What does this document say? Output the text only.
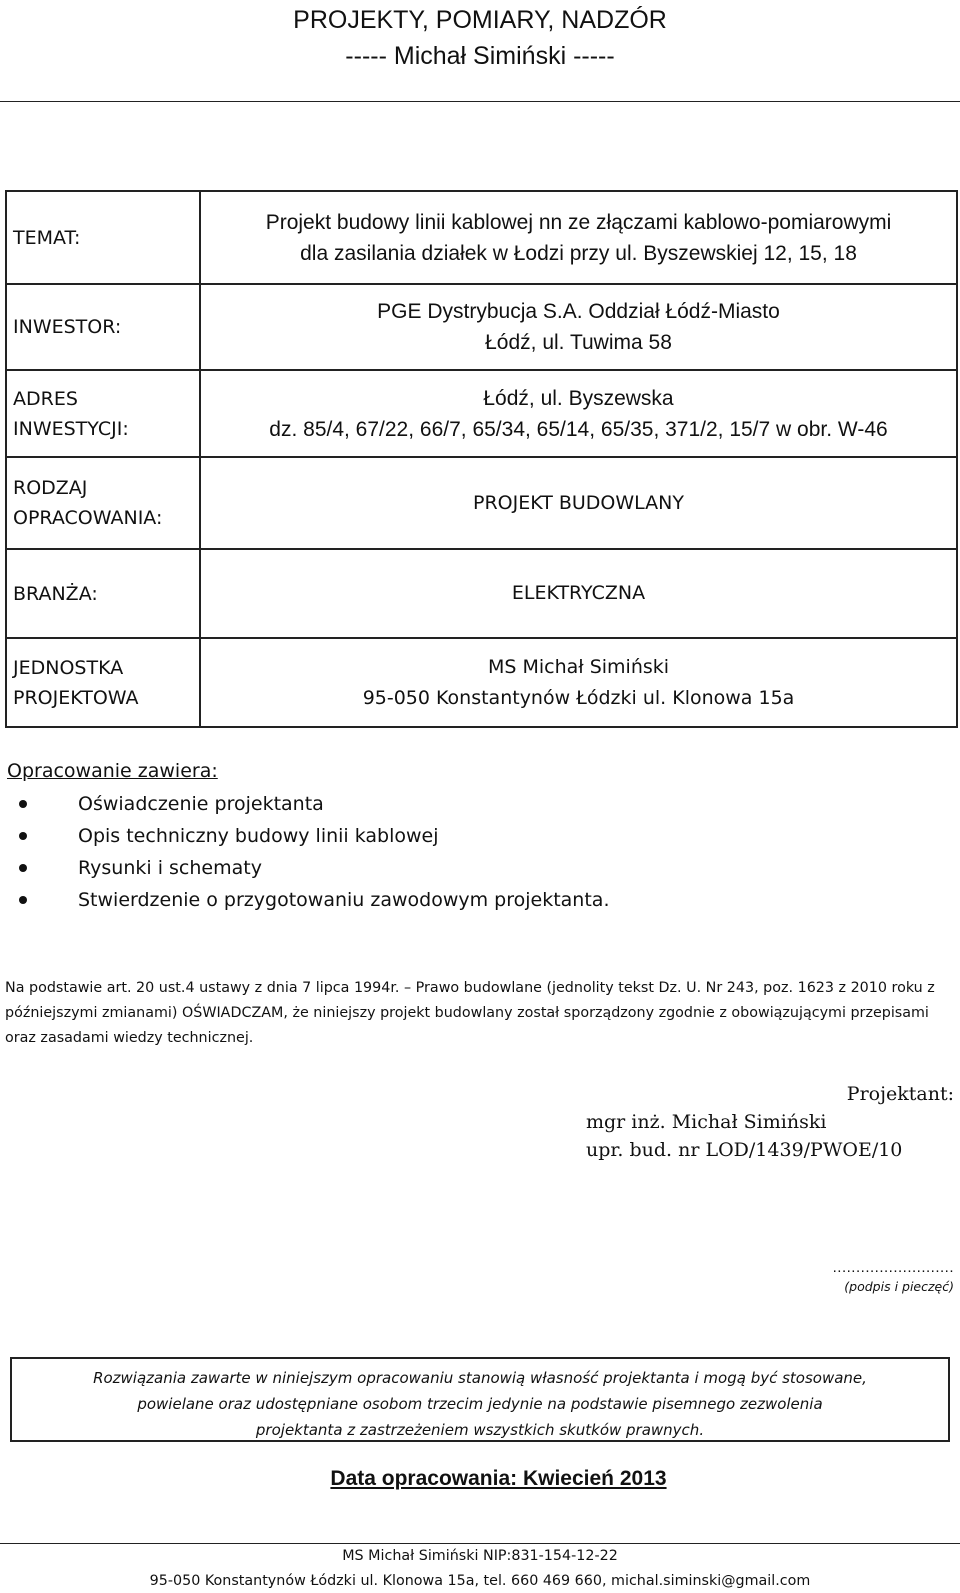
PROJEKTY, POMIARY, NADZÓR
----- Michał Simiński -----
TEMAT:	Projekt budowy linii kablowej nn ze złączami kablowo-pomiarowymi
dla zasilania działek w Łodzi przy ul. Byszewskiej 12, 15, 18

INWESTOR:	PGE Dystrybucja S.A. Oddział Łódź-Miasto
Łódź, ul. Tuwima 58

ADRES
INWESTYCJI:	Łódź, ul. Byszewska
dz. 85/4, 67/22, 66/7, 65/34, 65/14, 65/35, 371/2, 15/7 w obr. W-46

RODZAJ
OPRACOWANIA:	PROJEKT BUDOWLANY
BRANŻA:	ELEKTRYCZNA

JEDNOSTKA
PROJEKTOWA	MS Michał Simiński
95-050 Konstantynów Łódzki ul. Klonowa 15a
Opracowanie zawiera:
Oświadczenie projektanta
Opis techniczny budowy linii kablowej
Rysunki i schematy
Stwierdzenie o przygotowaniu zawodowym projektanta.
Na podstawie art. 20 ust.4 ustawy z dnia 7 lipca 1994r. – Prawo budowlane (jednolity tekst Dz. U. Nr 243, poz. 1623 z 2010 roku z późniejszymi zmianami) OŚWIADCZAM, że niniejszy projekt budowlany został sporządzony zgodnie z obowiązującymi przepisami oraz zasadami wiedzy technicznej.
Projektant:
mgr inż. Michał Simiński
upr. bud. nr LOD/1439/PWOE/10
..........................
(podpis i pieczęć)
Rozwiązania zawarte w niniejszym opracowaniu stanowią własność projektanta i mogą być stosowane,
powielane oraz udostępniane osobom trzecim jedynie na podstawie pisemnego zezwolenia
projektanta z zastrzeżeniem wszystkich skutków prawnych.
Data opracowania: Kwiecień 2013
MS Michał Simiński NIP:831-154-12-22
95-050 Konstantynów Łódzki ul. Klonowa 15a, tel. 660 469 660, michal.siminski@gmail.com
